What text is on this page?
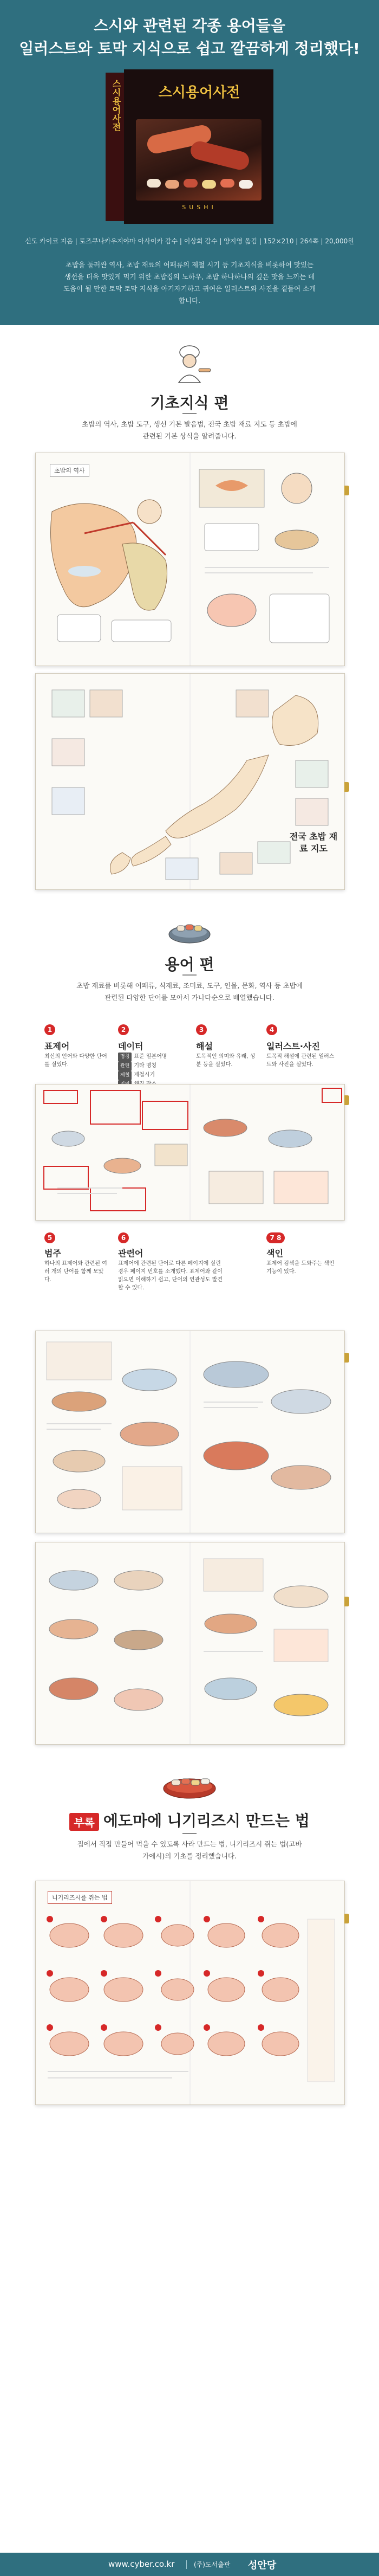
스시와 관련된 각종 용어들을
일러스트와 토막 지식으로 쉽고 깔끔하게 정리했다!
스시용어사전	스시용어사전
SUSHI
신도 카이코 지음 | 토즈쿠나카우지야마 아사이카 감수 | 이상회 감수 | 양지영 옮김 | 152×210 | 264쪽 | 20,000원
초밥을 둘러싼 역사, 초밥 재료의 어패류의 제철 시기 등 기초지식을 비롯하여 맛있는 생선을 더욱 맛있게 먹기 위한 초밥집의 노하우, 초밥 하나하나의 깊은 맛을 느끼는 데 도움이 될 만한 토막 토막 지식을 아기자기하고 귀여운 일러스트와 사진을 곁들여 소개합니다.
기초지식 편
초밥의 역사, 초밥 도구, 생선 기본 발음법, 전국 초밥 재료 지도 등 초밥에 관련된 기본 상식을 알려줍니다.
초밥의 역사
전국 초밥 재료 지도
용어 편
초밥 재료를 비롯해 어패류, 식재료, 조미료, 도구, 인물, 문화, 역사 등 초밥에 관련된 다양한 단어를 모아서 가나다순으로 배열했습니다.
1
표제어
최신의 언어와 다양한 단어를 실었다.
2
데이터
명칭 표준 일본어명
관련 기타 명칭
제철 제철시기
3
해설
토목적인 의미와 유래, 성분 등을 실었다.
4
일러스트·사진
토목적 해설에 관련된 일러스트와 사진을 실었다.
5
범주
하나의 표제어와 관련된 여러 개의 단어를 함께 모았다.
6
관련어
표제어에 관련된 단어로 다른 페이지에 실린 경우 페이지 번호를 소개했다. 표제어와 같이 읽으면 이해하기 쉽고, 단어의 연관성도 발견할 수 있다.
7 8
색인
표제어 검색을 도와주는 색인 기능이 있다.
부록 에도마에 니기리즈시 만드는 법
집에서 직접 만들어 먹을 수 있도록 사라 만드는 법, 니기리즈시 쥐는 법(고바가에시)의 기초를 정리했습니다.
니기리즈시를 쥐는 법
www.cyber.co.kr	(주)도서출판 성안당
